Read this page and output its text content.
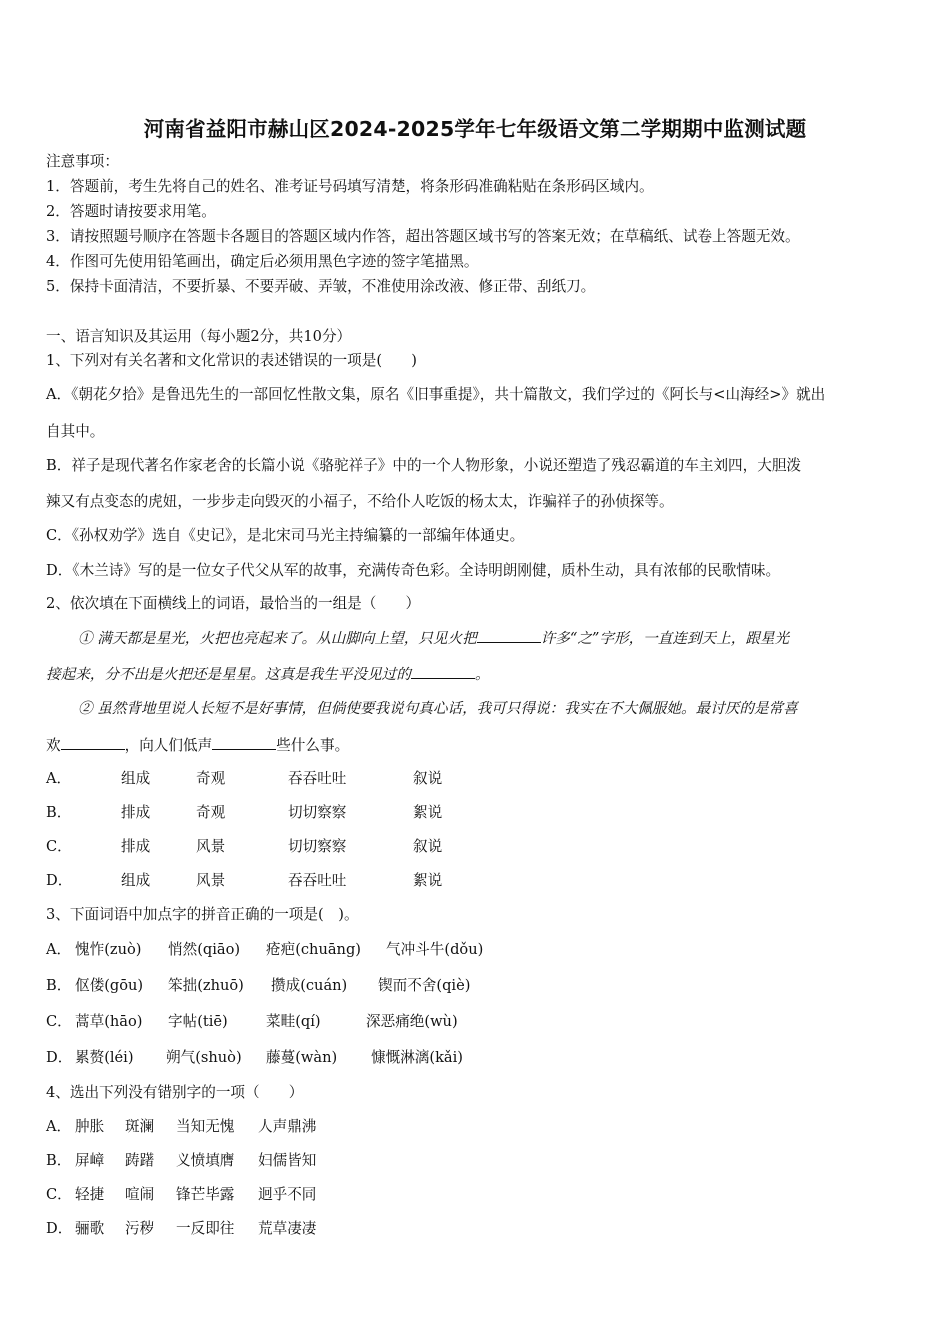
河南省益阳市赫山区2024-2025学年七年级语文第二学期期中监测试题
注意事项：
1．答题前，考生先将自己的姓名、准考证号码填写清楚，将条形码准确粘贴在条形码区域内。
2．答题时请按要求用笔。
3．请按照题号顺序在答题卡各题目的答题区域内作答，超出答题区域书写的答案无效；在草稿纸、试卷上答题无效。
4．作图可先使用铅笔画出，确定后必须用黑色字迹的签字笔描黑。
5．保持卡面清洁，不要折暴、不要弄破、弄皱，不准使用涂改液、修正带、刮纸刀。
一、语言知识及其运用（每小题2分，共10分）
1、下列对有关名著和文化常识的表述错误的一项是(　　)
A．《朝花夕拾》是鲁迅先生的一部回忆性散文集，原名《旧事重提》，共十篇散文，我们学过的《阿长与<山海经>》就出
自其中。
B．祥子是现代著名作家老舍的长篇小说《骆驼祥子》中的一个人物形象，小说还塑造了残忍霸道的车主刘四，大胆泼
辣又有点变态的虎妞，一步步走向毁灭的小福子，不给仆人吃饭的杨太太，诈骗祥子的孙侦探等。
C．《孙权劝学》选自《史记》，是北宋司马光主持编纂的一部编年体通史。
D．《木兰诗》写的是一位女子代父从军的故事，充满传奇色彩。全诗明朗刚健，质朴生动，具有浓郁的民歌情味。
2、依次填在下面横线上的词语，最恰当的一组是（　　）
① 满天都是星光，火把也亮起来了。从山脚向上望，只见火把	许多“之”字形，一直连到天上，跟星光
接起来，分不出是火把还是星星。这真是我生平没见过的	。
② 虽然背地里说人长短不是好事情，但倘使要我说句真心话，我可只得说：我实在不大佩服她。最讨厌的是常喜
欢	，向人们低声	些什么事。
A．	组成	奇观	吞吞吐吐	叙说
B．	排成	奇观	切切察察	絮说
C．	排成	风景	切切察察	叙说
D．	组成	风景	吞吞吐吐	絮说
3、下面词语中加点字的拼音正确的一项是(　)。
A． 愧怍(zuò) 悄然(qiāo) 疮疤(chuāng) 气冲斗牛(dǒu)
B． 伛偻(gōu) 笨拙(zhuō) 攒成(cuán) 锲而不舍(qiè)
C． 蒿草(hāo) 字帖(tiē)	菜畦(qí)	深恶痛绝(wù)
D． 累赘(léi) 朔气(shuò) 藤蔓(wàn) 慷慨淋漓(kǎi)
4、选出下列没有错别字的一项（　　）
A． 肿胀 斑澜 当知无愧 人声鼎沸
B． 屏嶂 踌躇 义愤填膺 妇儒皆知
C． 轻捷 喧闹 锋芒毕露 迥乎不同
D． 骊歌 污秽 一反即往 荒草凄凄
